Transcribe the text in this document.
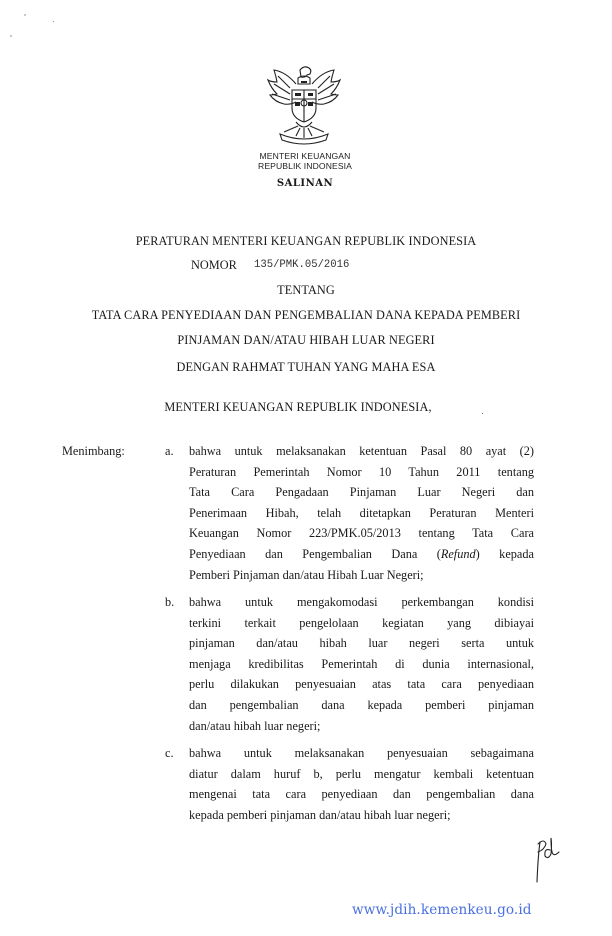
MENTERI KEUANGAN
REPUBLIK INDONESIA
SALINAN
PERATURAN MENTERI KEUANGAN REPUBLIK INDONESIA
NOMOR 135/PMK.05/2016
TENTANG
TATA CARA PENYEDIAAN DAN PENGEMBALIAN DANA KEPADA PEMBERI
PINJAMAN DAN/ATAU HIBAH LUAR NEGERI
DENGAN RAHMAT TUHAN YANG MAHA ESA
MENTERI KEUANGAN REPUBLIK INDONESIA,
Menimbang:	a. bahwa untuk melaksanakan ketentuan Pasal 80 ayat (2)
Peraturan Pemerintah Nomor 10 Tahun 2011 tentang
Tata Cara Pengadaan Pinjaman Luar Negeri dan
Penerimaan Hibah, telah ditetapkan Peraturan Menteri
Keuangan Nomor 223/PMK.05/2013 tentang Tata Cara
Penyediaan dan Pengembalian Dana (Refund) kepada
Pemberi Pinjaman dan/atau Hibah Luar Negeri;
b. bahwa untuk mengakomodasi perkembangan kondisi
terkini terkait pengelolaan kegiatan yang dibiayai
pinjaman dan/atau hibah luar negeri serta untuk
menjaga kredibilitas Pemerintah di dunia internasional,
perlu dilakukan penyesuaian atas tata cara penyediaan
dan pengembalian dana kepada pemberi pinjaman
dan/atau hibah luar negeri;
c. bahwa untuk melaksanakan penyesuaian sebagaimana
diatur dalam huruf b, perlu mengatur kembali ketentuan
mengenai tata cara penyediaan dan pengembalian dana
kepada pemberi pinjaman dan/atau hibah luar negeri;
www.jdih.kemenkeu.go.id
